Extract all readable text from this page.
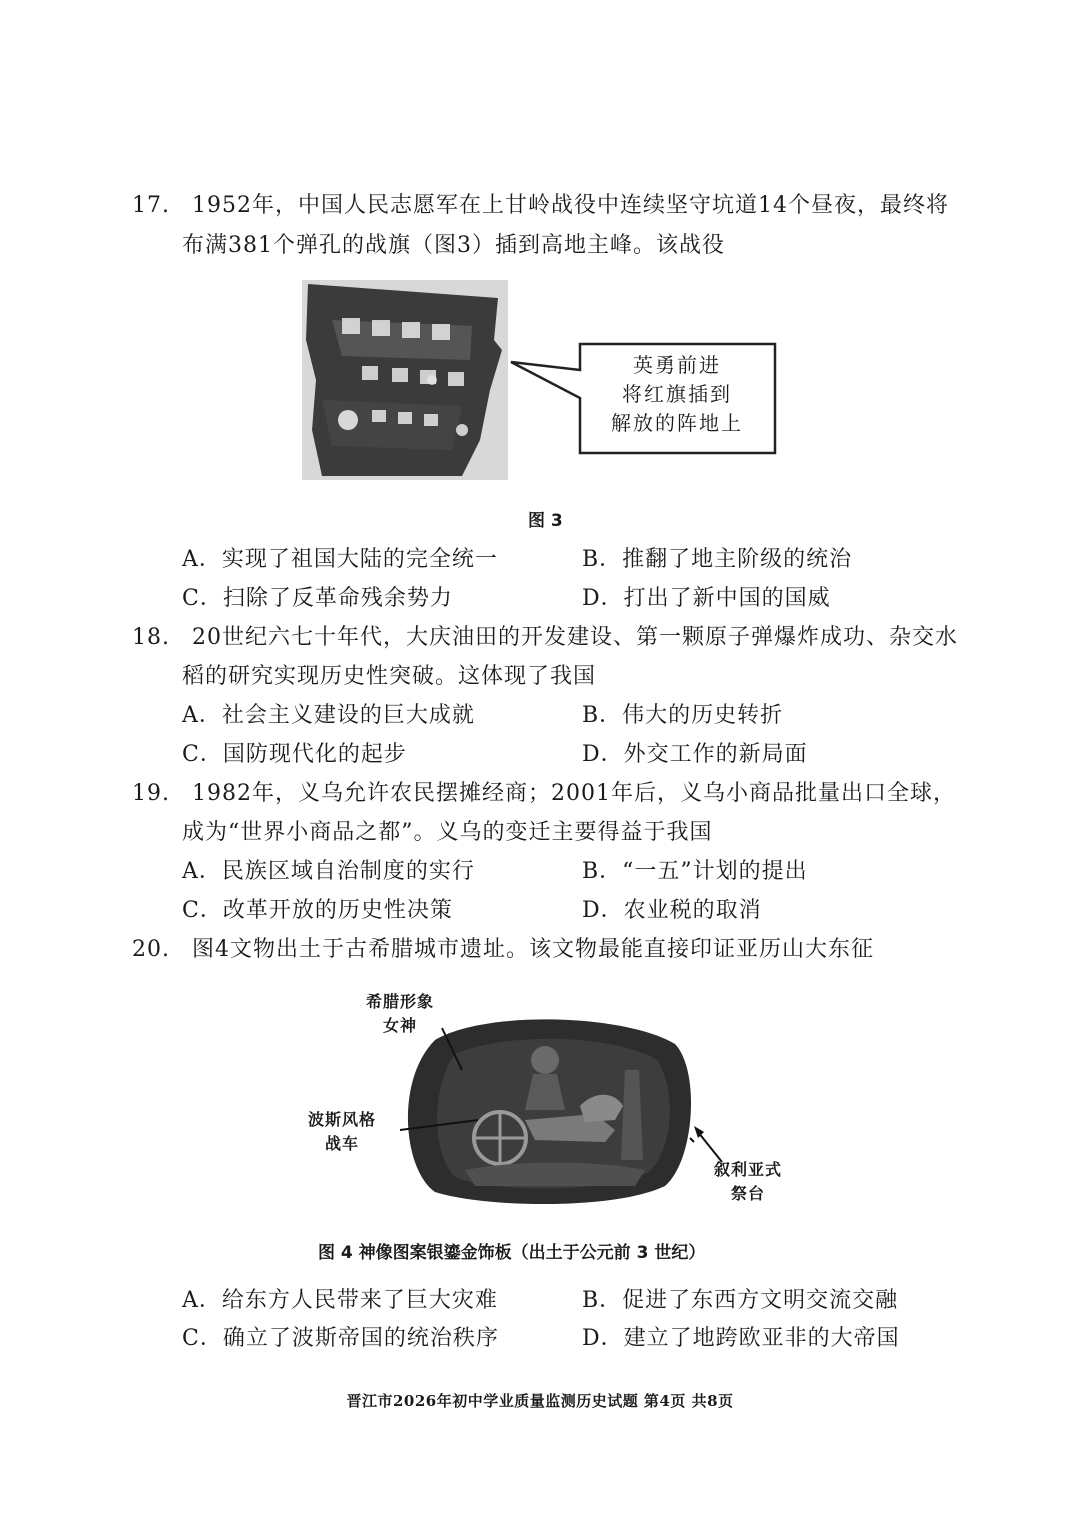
17. 1952年，中国人民志愿军在上甘岭战役中连续坚守坑道14个昼夜，最终将
布满381个弹孔的战旗（图3）插到高地主峰。该战役
英勇前进
将红旗插到
解放的阵地上
图 3
A．实现了祖国大陆的完全统一	B．推翻了地主阶级的统治
C．扫除了反革命残余势力	D．打出了新中国的国威
18. 20世纪六七十年代，大庆油田的开发建设、第一颗原子弹爆炸成功、杂交水
稻的研究实现历史性突破。这体现了我国
A．社会主义建设的巨大成就	B．伟大的历史转折
C．国防现代化的起步	D．外交工作的新局面
19. 1982年，义乌允许农民摆摊经商；2001年后，义乌小商品批量出口全球，
成为“世界小商品之都”。义乌的变迁主要得益于我国
A．民族区域自治制度的实行	B．“一五”计划的提出
C．改革开放的历史性决策	D．农业税的取消
20. 图4文物出土于古希腊城市遗址。该文物最能直接印证亚历山大东征
希腊形象
女神
波斯风格
战车
叙利亚式
祭台
图 4 神像图案银鎏金饰板（出土于公元前 3 世纪）
A．给东方人民带来了巨大灾难	B．促进了东西方文明交流交融
C．确立了波斯帝国的统治秩序	D．建立了地跨欧亚非的大帝国
晋江市2026年初中学业质量监测历史试题 第4页 共8页
